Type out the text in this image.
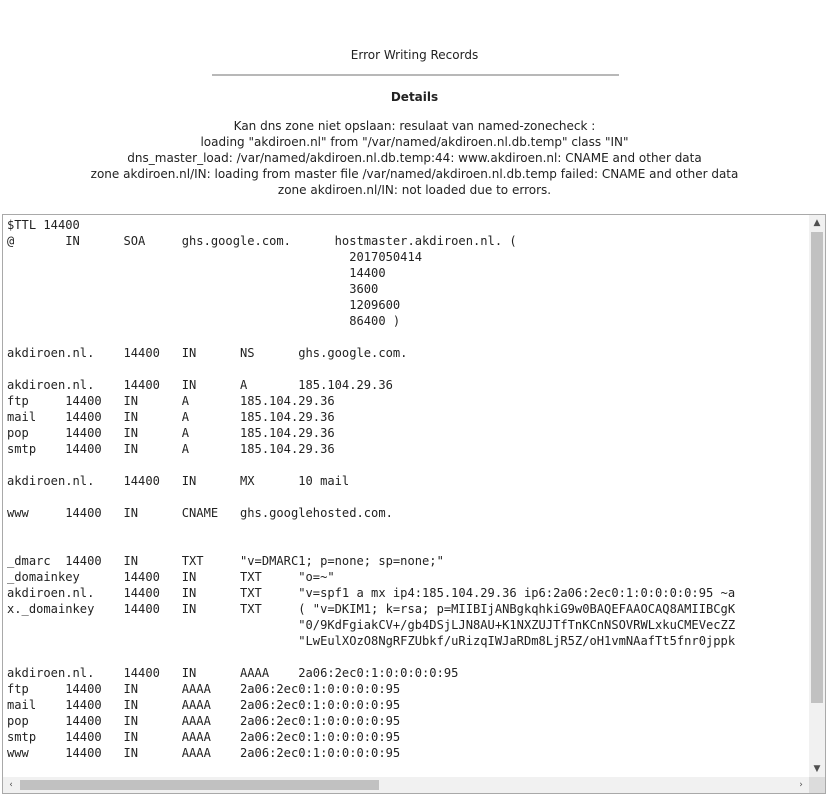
Error Writing Records
Details
Kan dns zone niet opslaan: resulaat van named-zonecheck :
loading "akdiroen.nl" from "/var/named/akdiroen.nl.db.temp" class "IN"
dns_master_load: /var/named/akdiroen.nl.db.temp:44: www.akdiroen.nl: CNAME and other data
zone akdiroen.nl/IN: loading from master file /var/named/akdiroen.nl.db.temp failed: CNAME and other data
zone akdiroen.nl/IN: not loaded due to errors.
$TTL 14400
@       IN      SOA     ghs.google.com.      hostmaster.akdiroen.nl. (
2017050414
14400
3600
1209600
86400 )
akdiroen.nl.    14400   IN      NS      ghs.google.com.
akdiroen.nl.    14400   IN      A       185.104.29.36
ftp     14400   IN      A       185.104.29.36
mail    14400   IN      A       185.104.29.36
pop     14400   IN      A       185.104.29.36
smtp    14400   IN      A       185.104.29.36
akdiroen.nl.    14400   IN      MX      10 mail
www     14400   IN      CNAME   ghs.googlehosted.com.
_dmarc  14400   IN      TXT     "v=DMARC1; p=none; sp=none;"
_domainkey      14400   IN      TXT     "o=~"
akdiroen.nl.    14400   IN      TXT     "v=spf1 a mx ip4:185.104.29.36 ip6:2a06:2ec0:1:0:0:0:0:95 ~a
x._domainkey    14400   IN      TXT     ( "v=DKIM1; k=rsa; p=MIIBIjANBgkqhkiG9w0BAQEFAAOCAQ8AMIIBCgK
"0/9KdFgiakCV+/gb4DSjLJN8AU+K1NXZUJTfTnKCnNSOVRWLxkuCMEVecZZ
"LwEulXOzO8NgRFZUbkf/uRizqIWJaRDm8LjR5Z/oH1vmNAafTt5fnr0jppk
akdiroen.nl.    14400   IN      AAAA    2a06:2ec0:1:0:0:0:0:95
ftp     14400   IN      AAAA    2a06:2ec0:1:0:0:0:0:95
mail    14400   IN      AAAA    2a06:2ec0:1:0:0:0:0:95
pop     14400   IN      AAAA    2a06:2ec0:1:0:0:0:0:95
smtp    14400   IN      AAAA    2a06:2ec0:1:0:0:0:0:95
www     14400   IN      AAAA    2a06:2ec0:1:0:0:0:0:95
▲
▼
‹	›
